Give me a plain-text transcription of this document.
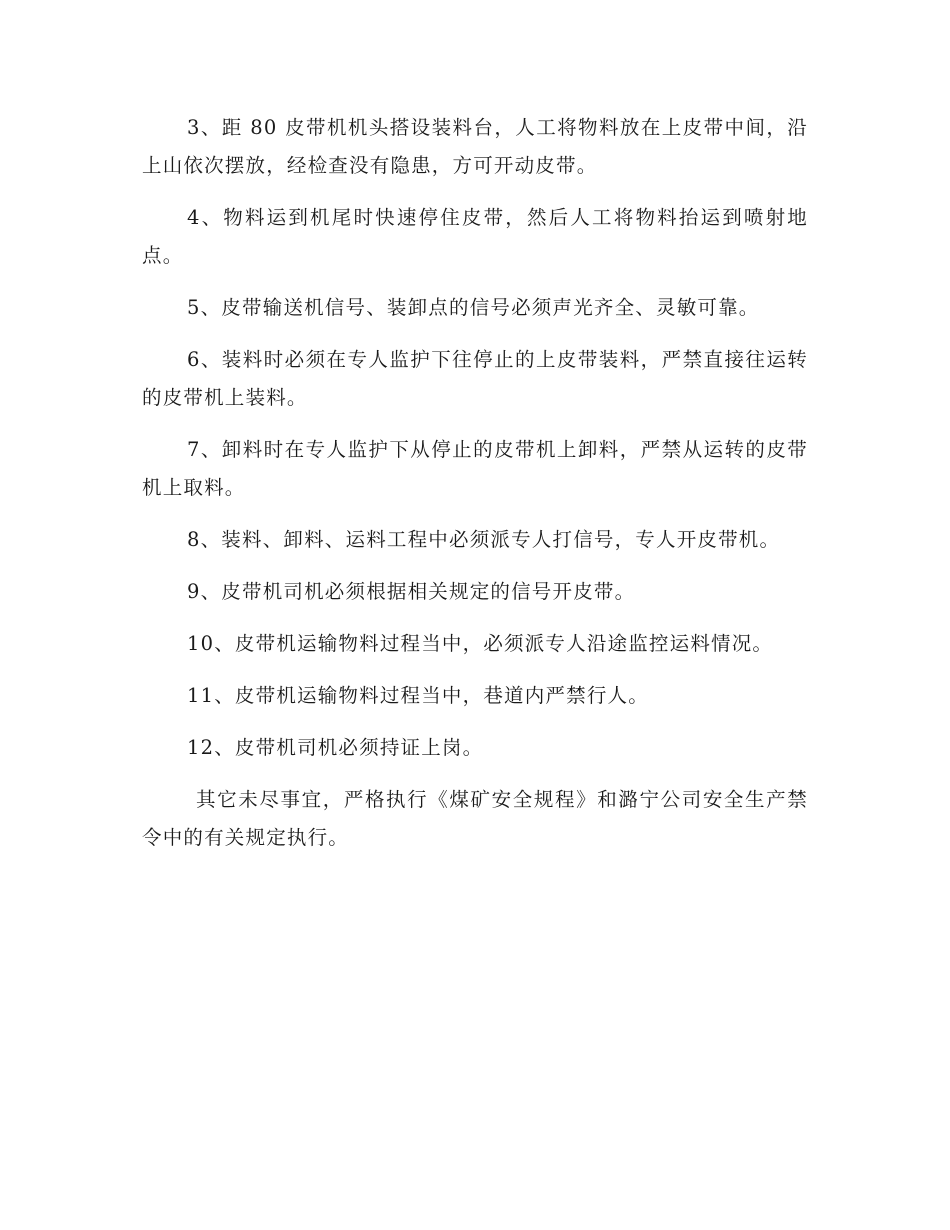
3、距 80 皮带机机头搭设装料台，人工将物料放在上皮带中间，沿上山依次摆放，经检查没有隐患，方可开动皮带。

4、物料运到机尾时快速停住皮带，然后人工将物料抬运到喷射地点。

5、皮带输送机信号、装卸点的信号必须声光齐全、灵敏可靠。

6、装料时必须在专人监护下往停止的上皮带装料，严禁直接往运转的皮带机上装料。

7、卸料时在专人监护下从停止的皮带机上卸料，严禁从运转的皮带机上取料。

8、装料、卸料、运料工程中必须派专人打信号，专人开皮带机。

9、皮带机司机必须根据相关规定的信号开皮带。

10、皮带机运输物料过程当中，必须派专人沿途监控运料情况。

11、皮带机运输物料过程当中，巷道内严禁行人。

12、皮带机司机必须持证上岗。

其它未尽事宜，严格执行《煤矿安全规程》和潞宁公司安全生产禁令中的有关规定执行。
